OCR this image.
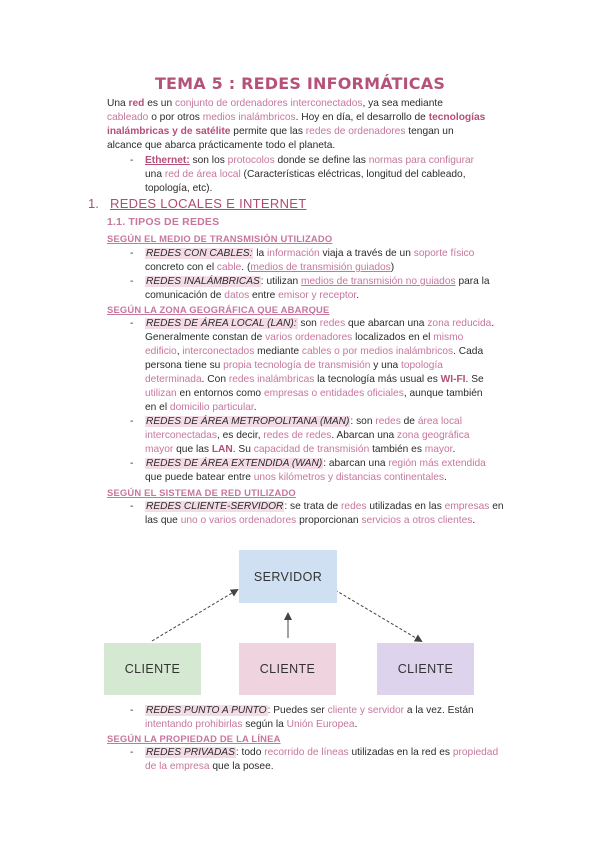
TEMA 5 : REDES INFORMÁTICAS
Una red es un conjunto de ordenadores interconectados, ya sea mediante
cableado o por otros medios inalámbricos. Hoy en día, el desarrollo de tecnologías
inalámbricas y de satélite permite que las redes de ordenadores tengan un
alcance que abarca prácticamente todo el planeta.
- Ethernet: son los protocolos donde se define las normas para configurar
una red de área local (Características eléctricas, longitud del cableado,
topología, etc).
1. REDES LOCALES E INTERNET
1.1. TIPOS DE REDES
SEGÚN EL MEDIO DE TRANSMISIÓN UTILIZADO
- REDES CON CABLES: la información viaja a través de un soporte físico
concreto con el cable. (medios de transmisión guiados)
- REDES INALÁMBRICAS: utilizan medios de transmisión no guiados para la
comunicación de datos entre emisor y receptor.
SEGÚN LA ZONA GEOGRÁFICA QUE ABARQUE
- REDES DE ÁREA LOCAL (LAN): son redes que abarcan una zona reducida.
Generalmente constan de varios ordenadores localizados en el mismo
edificio, interconectados mediante cables o por medios inalámbricos. Cada
persona tiene su propia tecnología de transmisión y una topología
determinada. Con redes inalámbricas la tecnología más usual es WI-FI. Se
utilizan en entornos como empresas o entidades oficiales, aunque también
en el domicilio particular.
- REDES DE ÁREA METROPOLITANA (MAN): son redes de área local
interconectadas, es decir, redes de redes. Abarcan una zona geográfica
mayor que las LAN. Su capacidad de transmisión también es mayor.
- REDES DE ÁREA EXTENDIDA (WAN): abarcan una región más extendida
que puede batear entre unos kilómetros y distancias continentales.
SEGÚN EL SISTEMA DE RED UTILIZADO
- REDES CLIENTE-SERVIDOR: se trata de redes utilizadas en las empresas en
las que uno o varios ordenadores proporcionan servicios a otros clientes.
SERVIDOR
CLIENTE	CLIENTE	CLIENTE
- REDES PUNTO A PUNTO: Puedes ser cliente y servidor a la vez. Están
intentando prohibirlas según la Unión Europea.
SEGÚN LA PROPIEDAD DE LA LÍNEA
- REDES PRIVADAS: todo recorrido de líneas utilizadas en la red es propiedad
de la empresa que la posee.
